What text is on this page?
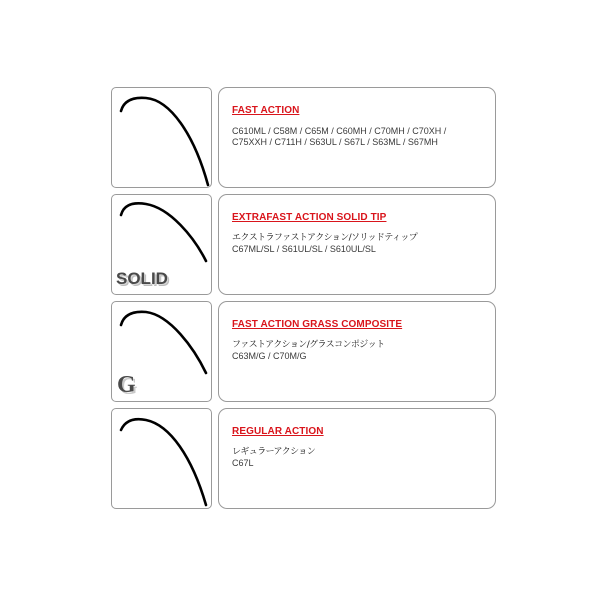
FAST ACTION
C610ML / C58M / C65M / C60MH / C70MH / C70XH / C75XXH / C711H / S63UL / S67L / S63ML / S67MH
SOLID
EXTRAFAST ACTION SOLID TIP
エクストラファストアクション/ソリッドティップ
C67ML/SL / S61UL/SL / S610UL/SL
G
FAST ACTION GRASS COMPOSITE
ファストアクション/グラスコンポジット
C63M/G / C70M/G
REGULAR ACTION
レギュラーアクション
C67L
